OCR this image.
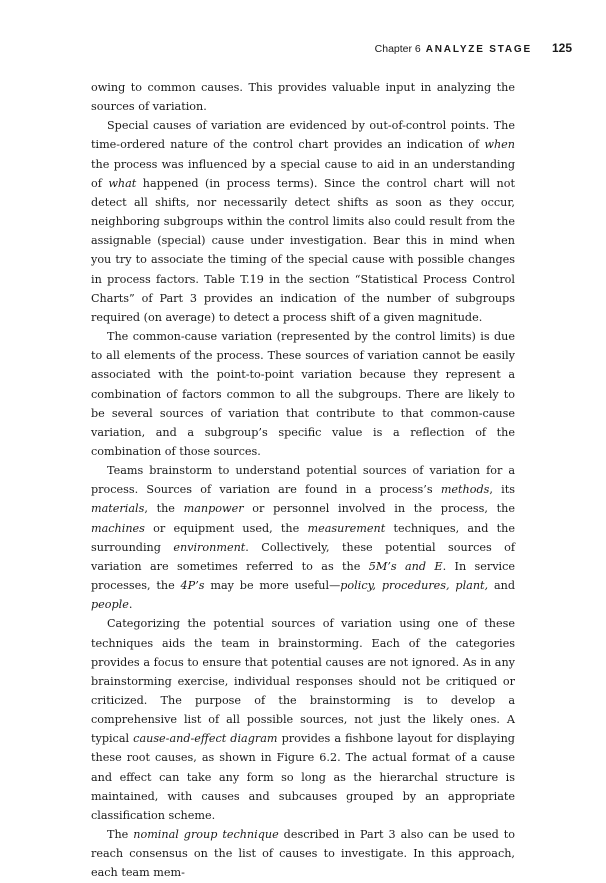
Chapter 6 ANALYZE STAGE 125

owing to common causes. This provides valuable input in analyzing the sources of variation.

Special causes of variation are evidenced by out-of-control points. The time-ordered nature of the control chart provides an indication of when the process was influenced by a special cause to aid in an understanding of what happened (in process terms). Since the control chart will not detect all shifts, nor necessarily detect shifts as soon as they occur, neighboring subgroups within the control limits also could result from the assignable (special) cause under investigation. Bear this in mind when you try to associate the timing of the special cause with possible changes in process factors. Table T.19 in the section “Statistical Process Control Charts” of Part 3 provides an indication of the number of subgroups required (on average) to detect a process shift of a given magnitude.

The common-cause variation (represented by the control limits) is due to all elements of the process. These sources of variation cannot be easily associated with the point-to-point variation because they represent a combination of factors common to all the subgroups. There are likely to be several sources of variation that contribute to that common-cause variation, and a subgroup’s specific value is a reflection of the combination of those sources.

Teams brainstorm to understand potential sources of variation for a process. Sources of variation are found in a process’s methods, its materials, the manpower or personnel involved in the process, the machines or equipment used, the measurement techniques, and the surrounding environment. Collectively, these potential sources of variation are sometimes referred to as the 5M’s and E. In service processes, the 4P’s may be more useful—policy, procedures, plant, and people.

Categorizing the potential sources of variation using one of these techniques aids the team in brainstorming. Each of the categories provides a focus to ensure that potential causes are not ignored. As in any brainstorming exercise, individual responses should not be critiqued or criticized. The purpose of the brainstorming is to develop a comprehensive list of all possible sources, not just the likely ones. A typical cause-and-effect diagram provides a fishbone layout for displaying these root causes, as shown in Figure 6.2. The actual format of a cause and effect can take any form so long as the hierarchal structure is maintained, with causes and subcauses grouped by an appropriate classification scheme.

The nominal group technique described in Part 3 also can be used to reach consensus on the list of causes to investigate. In this approach, each team mem-
